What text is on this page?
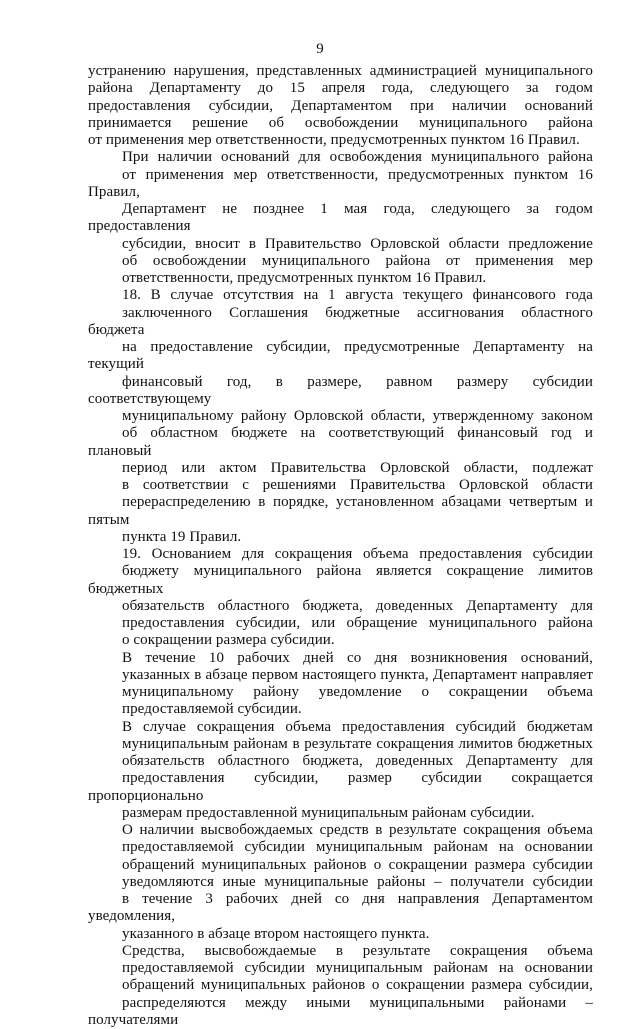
9
устранению нарушения, представленных администрацией муниципального
района Департаменту до 15 апреля года, следующего за годом
предоставления субсидии, Департаментом при наличии оснований
принимается решение об освобождении муниципального района
от применения мер ответственности, предусмотренных пунктом 16 Правил.
При наличии оснований для освобождения муниципального района
от применения мер ответственности, предусмотренных пунктом 16 Правил,
Департамент не позднее 1 мая года, следующего за годом предоставления
субсидии, вносит в Правительство Орловской области предложение
об освобождении муниципального района от применения мер
ответственности, предусмотренных пунктом 16 Правил.
18. В случае отсутствия на 1 августа текущего финансового года
заключенного Соглашения бюджетные ассигнования областного бюджета
на предоставление субсидии, предусмотренные Департаменту на текущий
финансовый год, в размере, равном размеру субсидии соответствующему
муниципальному району Орловской области, утвержденному законом
об областном бюджете на соответствующий финансовый год и плановый
период или актом Правительства Орловской области, подлежат
в соответствии с решениями Правительства Орловской области
перераспределению в порядке, установленном абзацами четвертым и пятым
пункта 19 Правил.
19. Основанием для сокращения объема предоставления субсидии
бюджету муниципального района является сокращение лимитов бюджетных
обязательств областного бюджета, доведенных Департаменту для
предоставления субсидии, или обращение муниципального района
о сокращении размера субсидии.
В течение 10 рабочих дней со дня возникновения оснований,
указанных в абзаце первом настоящего пункта, Департамент направляет
муниципальному району уведомление о сокращении объема
предоставляемой субсидии.
В случае сокращения объема предоставления субсидий бюджетам
муниципальным районам в результате сокращения лимитов бюджетных
обязательств областного бюджета, доведенных Департаменту для
предоставления субсидии, размер субсидии сокращается пропорционально
размерам предоставленной муниципальным районам субсидии.
О наличии высвобождаемых средств в результате сокращения объема
предоставляемой субсидии муниципальным районам на основании
обращений муниципальных районов о сокращении размера субсидии
уведомляются иные муниципальные районы – получатели субсидии
в течение 3 рабочих дней со дня направления Департаментом уведомления,
указанного в абзаце втором настоящего пункта.
Средства, высвобождаемые в результате сокращения объема
предоставляемой субсидии муниципальным районам на основании
обращений муниципальных районов о сокращении размера субсидии,
распределяются между иными муниципальными районами – получателями
